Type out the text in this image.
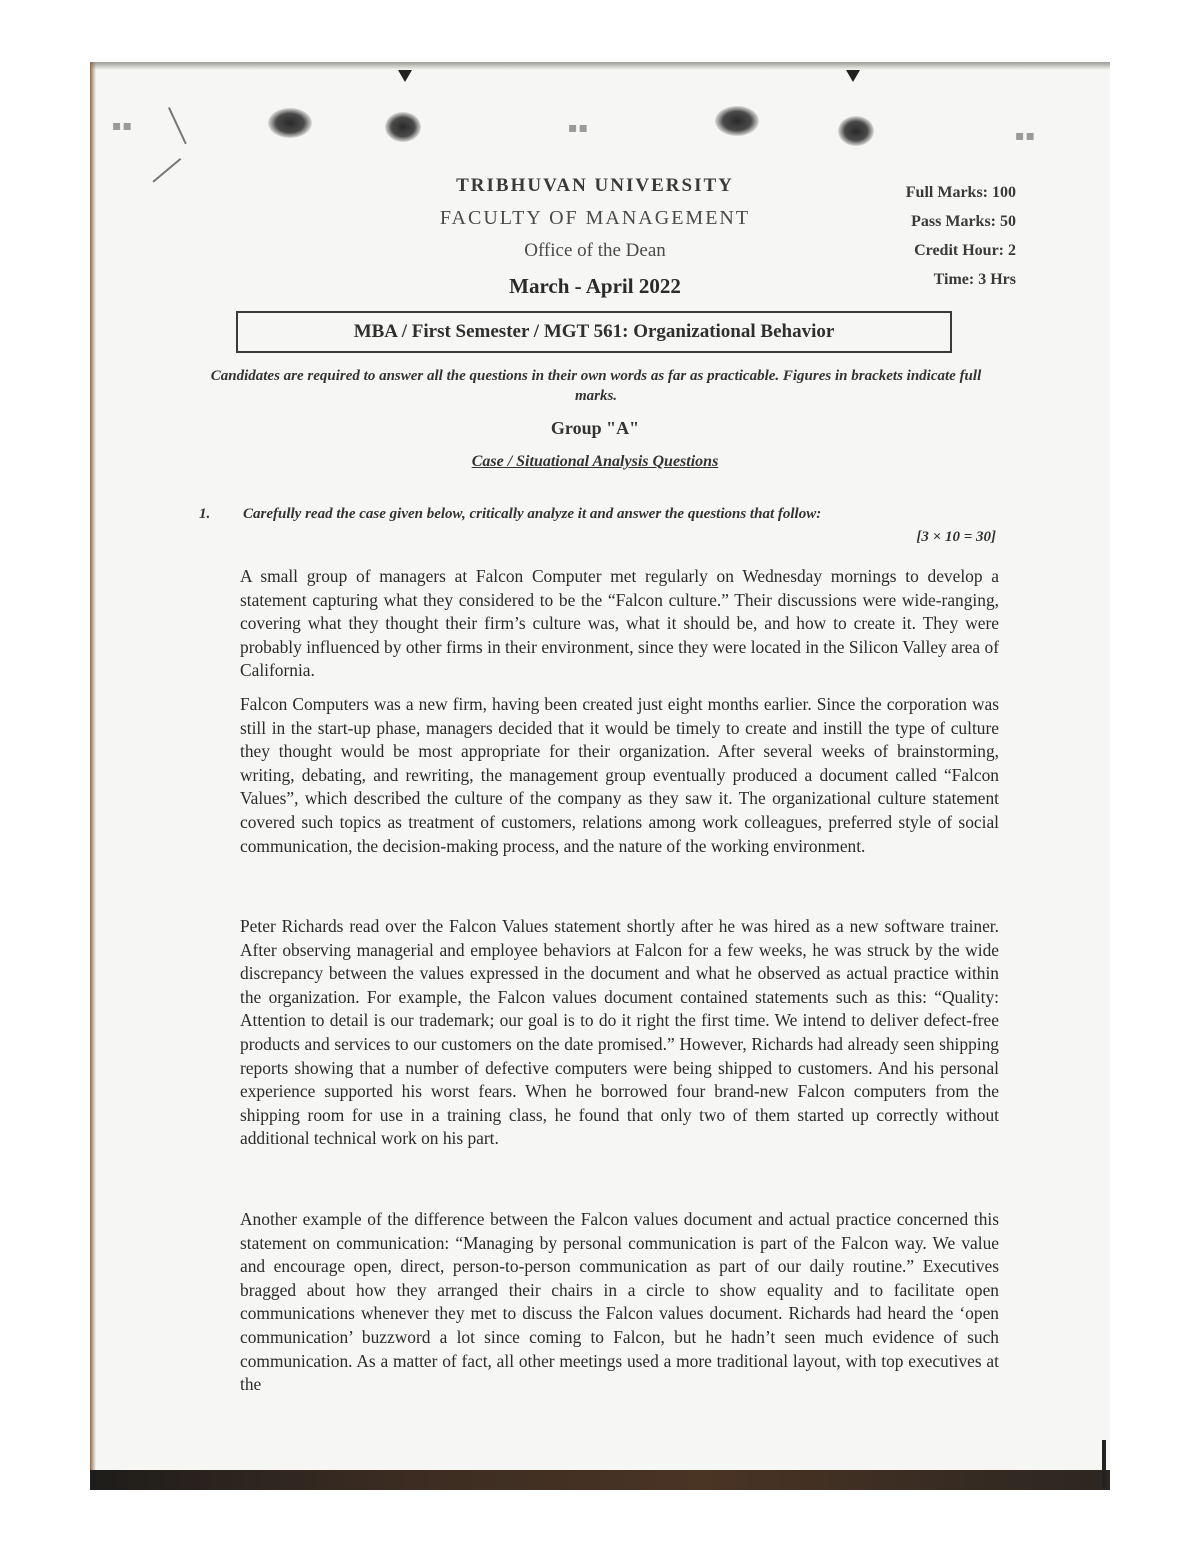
▪▪	▪▪	▪▪
TRIBHUVAN UNIVERSITY
FACULTY OF MANAGEMENT
Office of the Dean
March - April 2022
Full Marks: 100
Pass Marks: 50
Credit Hour: 2
Time: 3 Hrs
MBA / First Semester / MGT 561: Organizational Behavior
Candidates are required to answer all the questions in their own words as far as practicable. Figures in brackets indicate full marks.
Group "A"
Case / Situational Analysis Questions
1. Carefully read the case given below, critically analyze it and answer the questions that follow:
[3 × 10 = 30]

A small group of managers at Falcon Computer met regularly on Wednesday mornings to develop a statement capturing what they considered to be the “Falcon culture.” Their discussions were wide-ranging, covering what they thought their firm’s culture was, what it should be, and how to create it. They were probably influenced by other firms in their environment, since they were located in the Silicon Valley area of California.

Falcon Computers was a new firm, having been created just eight months earlier. Since the corporation was still in the start-up phase, managers decided that it would be timely to create and instill the type of culture they thought would be most appropriate for their organization. After several weeks of brainstorming, writing, debating, and rewriting, the management group eventually produced a document called “Falcon Values”, which described the culture of the company as they saw it. The organizational culture statement covered such topics as treatment of customers, relations among work colleagues, preferred style of social communication, the decision-making process, and the nature of the working environment.

Peter Richards read over the Falcon Values statement shortly after he was hired as a new software trainer. After observing managerial and employee behaviors at Falcon for a few weeks, he was struck by the wide discrepancy between the values expressed in the document and what he observed as actual practice within the organization. For example, the Falcon values document contained statements such as this: “Quality: Attention to detail is our trademark; our goal is to do it right the first time. We intend to deliver defect-free products and services to our customers on the date promised.” However, Richards had already seen shipping reports showing that a number of defective computers were being shipped to customers. And his personal experience supported his worst fears. When he borrowed four brand-new Falcon computers from the shipping room for use in a training class, he found that only two of them started up correctly without additional technical work on his part.

Another example of the difference between the Falcon values document and actual practice concerned this statement on communication: “Managing by personal communication is part of the Falcon way. We value and encourage open, direct, person-to-person communication as part of our daily routine.” Executives bragged about how they arranged their chairs in a circle to show equality and to facilitate open communications whenever they met to discuss the Falcon values document. Richards had heard the ‘open communication’ buzzword a lot since coming to Falcon, but he hadn’t seen much evidence of such communication. As a matter of fact, all other meetings used a more traditional layout, with top executives at the
